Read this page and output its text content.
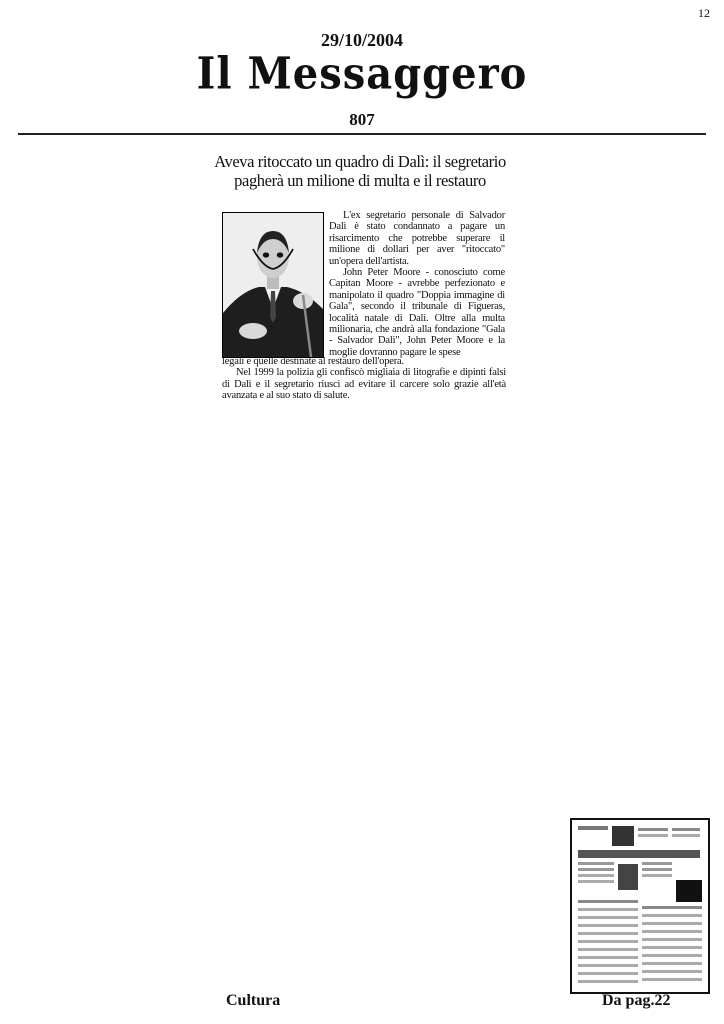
12
29/10/2004
Il Messaggero
807
Aveva ritoccato un quadro di Dalì: il segretario
pagherà un milione di multa e il restauro

L'ex segretario personale di Salvador Dalì è stato condannato a pagare un risarcimento che potrebbe superare il milione di dollari per aver "ritoccato" un'opera dell'artista.

John Peter Moore - conosciuto come Capitan Moore - avrebbe perfezionato e manipolato il quadro "Doppia immagine di Gala", secondo il tribunale di Figueras, località natale di Dalì. Oltre alla multa milionaria, che andrà alla fondazione "Gala - Salvador Dalì", John Peter Moore e la moglie dovranno pagare le spese

legali e quelle destinate al restauro dell'opera.

Nel 1999 la polizia gli confiscò migliaia di litografie e dipinti falsi di Dalì e il segretario riuscì ad evitare il carcere solo grazie all'età avanzata e al suo stato di salute.

Cultura	Da pag.22
